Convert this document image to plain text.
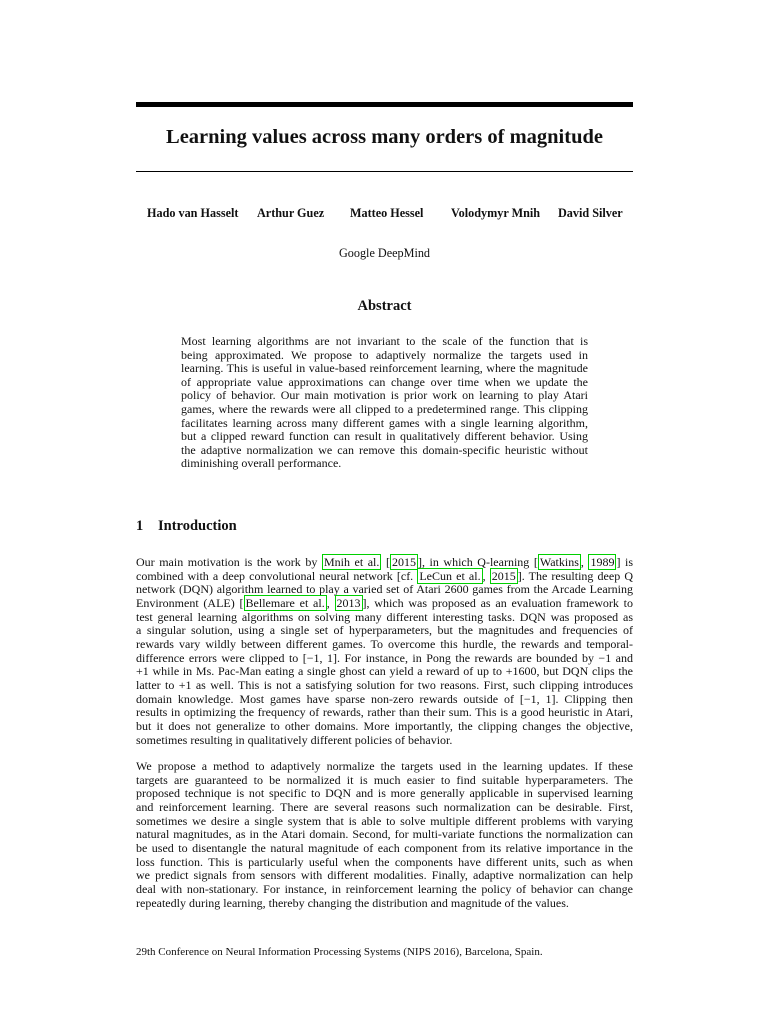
Learning values across many orders of magnitude
Hado van Hasselt Arthur Guez Matteo Hessel Volodymyr Mnih David Silver
Google DeepMind
Abstract
Most learning algorithms are not invariant to the scale of the function that is
being approximated. We propose to adaptively normalize the targets used in
learning. This is useful in value-based reinforcement learning, where the magnitude
of appropriate value approximations can change over time when we update the
policy of behavior. Our main motivation is prior work on learning to play Atari
games, where the rewards were all clipped to a predetermined range. This clipping
facilitates learning across many different games with a single learning algorithm,
but a clipped reward function can result in qualitatively different behavior. Using
the adaptive normalization we can remove this domain-specific heuristic without
diminishing overall performance.
1 Introduction
Our main motivation is the work by Mnih et al. [ 2015 ], in which Q-learning [ Watkins , 1989 ] is
combined with a deep convolutional neural network [cf. LeCun et al. , 2015 ]. The resulting deep Q
network (DQN) algorithm learned to play a varied set of Atari 2600 games from the Arcade Learning
Environment (ALE) [ Bellemare et al. , 2013 ], which was proposed as an evaluation framework to
test general learning algorithms on solving many different interesting tasks. DQN was proposed as
a singular solution, using a single set of hyperparameters, but the magnitudes and frequencies of
rewards vary wildly between different games. To overcome this hurdle, the rewards and temporal-
difference errors were clipped to [−1, 1]. For instance, in Pong the rewards are bounded by −1 and
+1 while in Ms. Pac-Man eating a single ghost can yield a reward of up to +1600, but DQN clips the
latter to +1 as well. This is not a satisfying solution for two reasons. First, such clipping introduces
domain knowledge. Most games have sparse non-zero rewards outside of [−1, 1]. Clipping then
results in optimizing the frequency of rewards, rather than their sum. This is a good heuristic in Atari,
but it does not generalize to other domains. More importantly, the clipping changes the objective,
sometimes resulting in qualitatively different policies of behavior.
We propose a method to adaptively normalize the targets used in the learning updates. If these
targets are guaranteed to be normalized it is much easier to find suitable hyperparameters. The
proposed technique is not specific to DQN and is more generally applicable in supervised learning
and reinforcement learning. There are several reasons such normalization can be desirable. First,
sometimes we desire a single system that is able to solve multiple different problems with varying
natural magnitudes, as in the Atari domain. Second, for multi-variate functions the normalization can
be used to disentangle the natural magnitude of each component from its relative importance in the
loss function. This is particularly useful when the components have different units, such as when
we predict signals from sensors with different modalities. Finally, adaptive normalization can help
deal with non-stationary. For instance, in reinforcement learning the policy of behavior can change
repeatedly during learning, thereby changing the distribution and magnitude of the values.
29th Conference on Neural Information Processing Systems (NIPS 2016), Barcelona, Spain.
